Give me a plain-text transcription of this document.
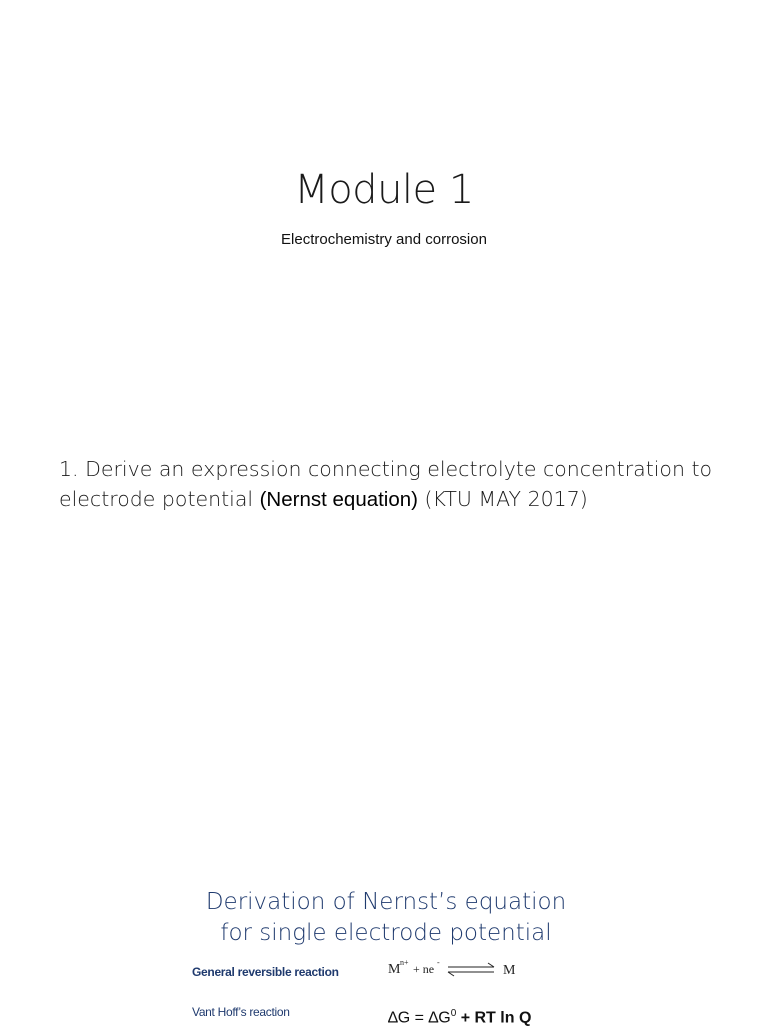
Module 1
Electrochemistry and corrosion
1. Derive an expression connecting electrolyte concentration to electrode potential (Nernst equation) (KTU MAY 2017)
Derivation of Nernst’s equation
for single electrode potential
General reversible reaction	M n+ + ne -
M
Vant Hoff’s reaction	$\Delta G = \Delta G^0$ + RT ln Q
